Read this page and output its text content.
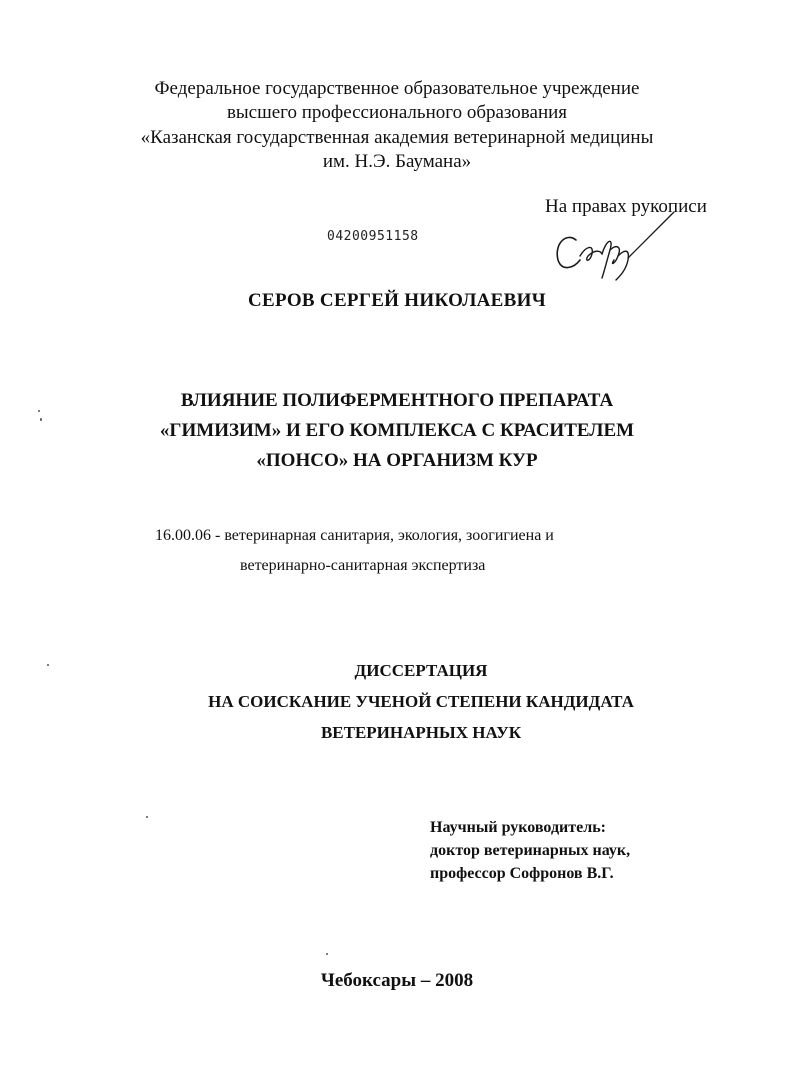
Федеральное государственное образовательное учреждение
высшего профессионального образования
«Казанская государственная академия ветеринарной медицины
им. Н.Э. Баумана»
На правах рукописи
04200951158
СЕРОВ СЕРГЕЙ НИКОЛАЕВИЧ
ВЛИЯНИЕ ПОЛИФЕРМЕНТНОГО ПРЕПАРАТА
«ГИМИЗИМ» И ЕГО КОМПЛЕКСА С КРАСИТЕЛЕМ
«ПОНСО» НА ОРГАНИЗМ КУР
16.00.06 - ветеринарная санитария, экология, зоогигиена и
ветеринарно-санитарная экспертиза
ДИССЕРТАЦИЯ
НА СОИСКАНИЕ УЧЕНОЙ СТЕПЕНИ КАНДИДАТА
ВЕТЕРИНАРНЫХ НАУК
Научный руководитель:
доктор ветеринарных наук,
профессор Софронов В.Г.
Чебоксары – 2008
